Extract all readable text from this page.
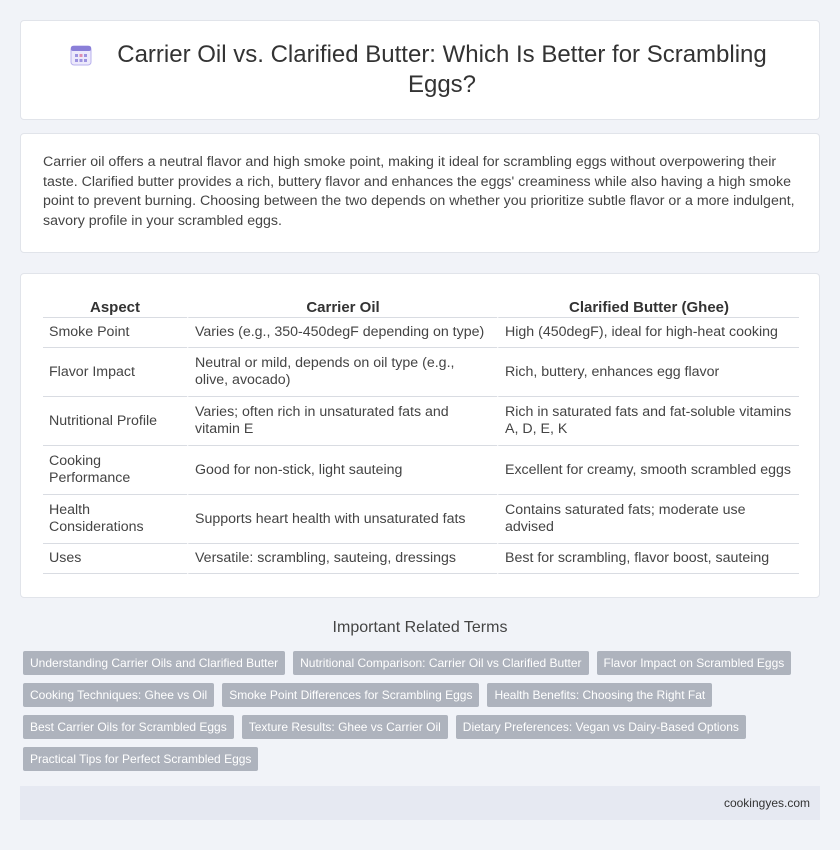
Carrier Oil vs. Clarified Butter: Which Is Better for Scrambling Eggs?

Carrier oil offers a neutral flavor and high smoke point, making it ideal for scrambling eggs without overpowering their taste. Clarified butter provides a rich, buttery flavor and enhances the eggs' creaminess while also having a high smoke point to prevent burning. Choosing between the two depends on whether you prioritize subtle flavor or a more indulgent, savory profile in your scrambled eggs.

Aspect	Carrier Oil	Clarified Butter (Ghee)
Smoke Point	Varies (e.g., 350-450degF depending on type)	High (450degF), ideal for high-heat cooking
Flavor Impact	Neutral or mild, depends on oil type (e.g., olive, avocado)	Rich, buttery, enhances egg flavor
Nutritional Profile	Varies; often rich in unsaturated fats and vitamin E	Rich in saturated fats and fat-soluble vitamins A, D, E, K
Cooking Performance	Good for non-stick, light sauteing	Excellent for creamy, smooth scrambled eggs
Health Considerations	Supports heart health with unsaturated fats	Contains saturated fats; moderate use advised
Uses	Versatile: scrambling, sauteing, dressings	Best for scrambling, flavor boost, sauteing
Important Related Terms
Understanding Carrier Oils and Clarified Butter	Nutritional Comparison: Carrier Oil vs Clarified Butter	Flavor Impact on Scrambled Eggs
Cooking Techniques: Ghee vs Oil	Smoke Point Differences for Scrambling Eggs	Health Benefits: Choosing the Right Fat
Best Carrier Oils for Scrambled Eggs	Texture Results: Ghee vs Carrier Oil	Dietary Preferences: Vegan vs Dairy-Based Options
Practical Tips for Perfect Scrambled Eggs
cookingyes.com
